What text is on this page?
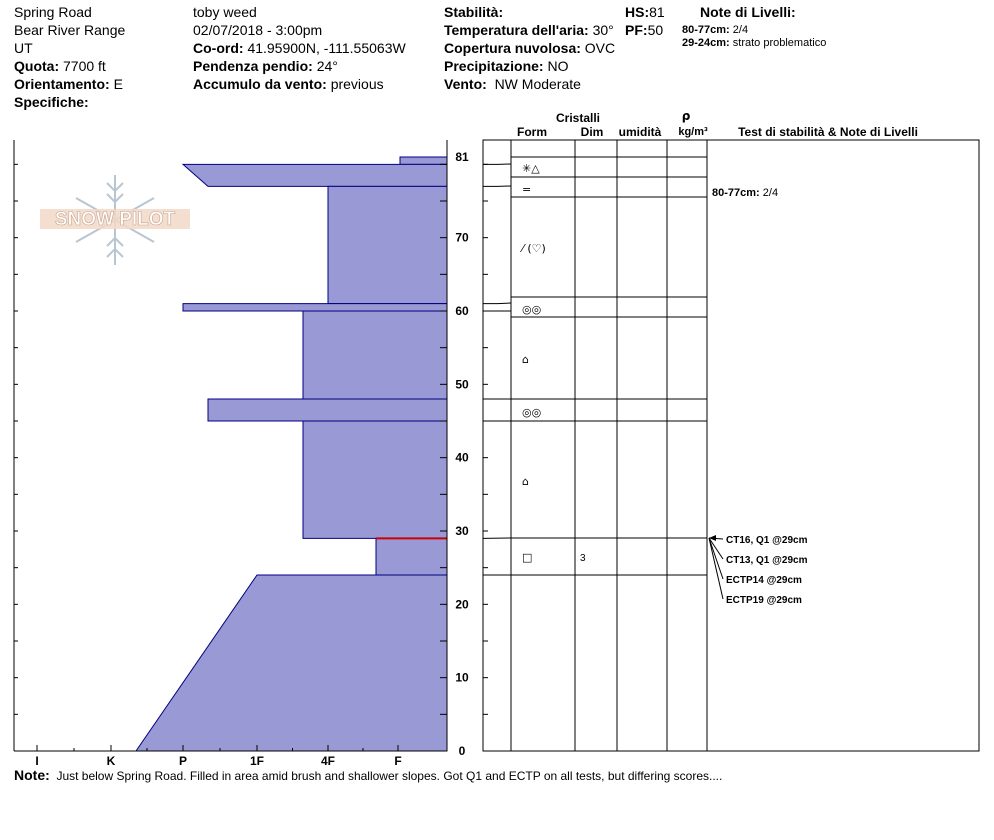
Spring Road
Bear River Range
UT
Quota: 7700 ft
Orientamento: E
Specifiche:
toby weed
02/07/2018 - 3:00pm
Co-ord: 41.95900N, -111.55063W
Pendenza pendio: 24°
Accumulo da vento: previous
Stabilità:
Temperatura dell'aria: 30°
Copertura nuvolosa: OVC
Precipitazione: NO
Vento: NW Moderate
HS:81
PF:50
Note di Livelli:
80-77cm: 2/4
29-24cm: strato problematico
SNOW PILOT
0
10
20
30
40
50
60
70
81
I	K	P	1F	4F	F
✳△
=
⁄ (♡)
◎◎
⌂
◎◎
⌂
□	3
Cristalli
Form	Dim umidità
ρ
kg/m³	Test di stabilità & Note di Livelli
80-77cm: 2/4
CT16, Q1 @29cm
CT13, Q1 @29cm
ECTP14 @29cm
ECTP19 @29cm
Note: Just below Spring Road. Filled in area amid brush and shallower slopes. Got Q1 and ECTP on all tests, but differing scores....
